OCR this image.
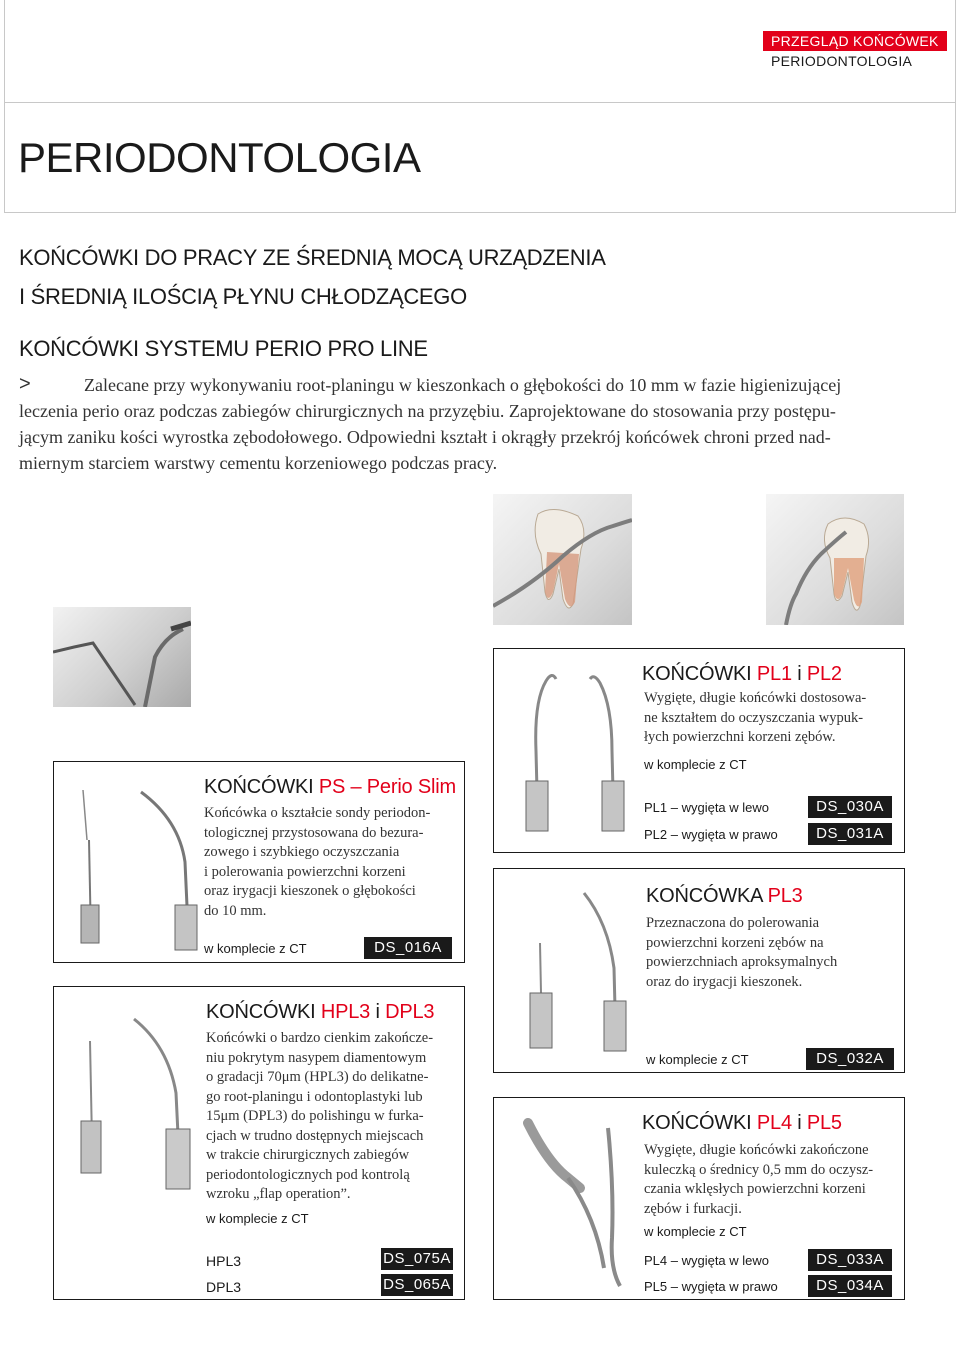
PRZEGLĄD KOŃCÓWEK
PERIODONTOLOGIA
PERIODONTOLOGIA
KOŃCÓWKI DO PRACY ZE ŚREDNIĄ MOCĄ URZĄDZENIA
I ŚREDNIĄ ILOŚCIĄ PŁYNU CHŁODZĄCEGO
KOŃCÓWKI SYSTEMU PERIO PRO LINE
>	Zalecane przy wykonywaniu root-planingu w kieszonkach o głębokości do 10 mm w fazie higienizującej
leczenia perio oraz podczas zabiegów chirurgicznych na przyzębiu. Zaprojektowane do stosowania przy postępu-
jącym zaniku kości wyrostka zębodołowego. Odpowiedni kształt i okrągły przekrój końcówek chroni przed nad-
miernym starciem warstwy cementu korzeniowego podczas pracy.
KOŃCÓWKI PS – Perio Slim
Końcówka o kształcie sondy periodon-
tologicznej przystosowana do bezura-
zowego i szybkiego oczyszczania
i polerowania powierzchni korzeni
oraz irygacji kieszonek o głębokości
do 10 mm.
w komplecie z CT	DS_016A
KOŃCÓWKI HPL3 i DPL3
Końcówki o bardzo cienkim zakończe-
niu pokrytym nasypem diamentowym
o gradacji 70μm (HPL3) do delikatne-
go root-planingu i odontoplastyki lub
15μm (DPL3) do polishingu w furka-
cjach w trudno dostępnych miejscach
w trakcie chirurgicznych zabiegów
periodontologicznych pod kontrolą
wzroku „flap operation”.
w komplecie z CT
HPL3	DS_075A
DPL3	DS_065A
KOŃCÓWKI PL1 i PL2
Wygięte, długie końcówki dostosowa-
ne kształtem do oczyszczania wypuk-
łych powierzchni korzeni zębów.
w komplecie z CT
PL1 – wygięta w lewo	DS_030A
PL2 – wygięta w prawo	DS_031A
KOŃCÓWKA PL3
Przeznaczona do polerowania
powierzchni korzeni zębów na
powierzchniach aproksymalnych
oraz do irygacji kieszonek.
w komplecie z CT	DS_032A
KOŃCÓWKI PL4 i PL5
Wygięte, długie końcówki zakończone
kuleczką o średnicy 0,5 mm do oczysz-
czania wklęsłych powierzchni korzeni
zębów i furkacji.
w komplecie z CT
PL4 – wygięta w lewo	DS_033A
PL5 – wygięta w prawo	DS_034A
